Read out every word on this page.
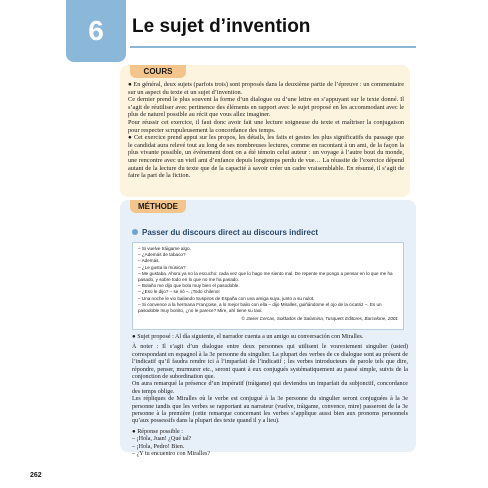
6 Le sujet d’invention
COURS

● En général, deux sujets (parfois trois) sont proposés dans la deuxième partie de l’épreuve : un commentaire sur un aspect du texte et un sujet d’invention.

Ce dernier prend le plus souvent la forme d’un dialogue ou d’une lettre en s’appuyant sur le texte donné. Il s’agit de réutiliser avec pertinence des éléments en rapport avec le sujet proposé en les accommodant avec le plus de naturel possible au récit que vous allez imaginer.

Pour réussir cet exercice, il faut donc avoir fait une lecture soigneuse du texte et maîtriser la conjugaison pour respecter scrupuleusement la concordance des temps.

● Cet exercice prend appui sur les propos, les détails, les faits et gestes les plus significatifs du passage que le candidat aura relevé tout au long de ses nombreuses lectures, comme en racontant à un ami, de la façon la plus vivante possible, un événement dont on a été témoin celui auteur : un voyage à l’autre bout du monde, une rencontre avec un vieil ami d’enfance depuis longtemps perdu de vue… La réussite de l’exercice dépend autant de la lecture du texte que de la capacité à savoir créer un cadre vraisemblable. En résumé, il s’agit de faire la part de la fiction.

MÉTHODE
Passer du discours direct au discours indirect

– Si vuelve tráigame algo.

– ¿Además de tabaco?

– Además.

– ¿Le gusta la música?

– Me gustaba. Ahora ya no la escucho: cada vez que lo hago me siento mal. De repente me pongo a pensar en lo que me ha pasado, y sobre todo en lo que no me ha pasado.

– Bolaño me dijo que bola muy bien el pasodoble.

– ¿Eso le dijo? – se rió –. ¡Todo chileno!

– Una noche le vio bailando Suspiros de España con una amiga suya, junto a su nulot.

– Si convence a la hermana Françoise, a lo mejor bailo con ella – dijo Miralles, guiñándome el ojo de la cicatriz –. Es un pasodoble muy bonito, ¿no le parece? Mire, ahí tiene su taxi.

© Javier Cercas, Soldados de Salamina, Tusquets Editores, Barcelone, 2001

● Sujet proposé : Al día siguiente, el narrador cuenta a un amigo su conversación con Miralles.

À noter : Il s’agit d’un dialogue entre deux personnes qui utilisent le vouvoiement singulier (usted) correspondant en espagnol à la 3e personne du singulier. La plupart des verbes de ce dialogue sont au présent de l’indicatif qu’il faudra rendre ici à l’imparfait de l’indicatif ; les verbes introducteurs de parole tels que dire, répondre, penser, murmurer etc., seront quant à eux conjugués systématiquement au passé simple, suivis de la conjonction de subordination que.

On aura remarqué la présence d’un impératif (tráigame) qui deviendra un imparfait du subjonctif, concordance des temps oblige.

Les répliques de Miralles où le verbe est conjugué à la 3e personne du singulier seront conjuguées à la 3e personne tandis que les verbes se rapportant au narrateur (vuelve, tráigame, convence, mire) passeront de la 3e personne à la première (cette remarque concernant les verbes s’applique aussi bien aux pronoms personnels qu’aux possessifs dans la plupart des texte quand il y a lieu).

● Réponse possible :

– ¡Hola, Juan! ¿Qué tal?

– ¡Hola, Pedro! Bien.

– ¿Y tu encuentro con Miralles?

262
